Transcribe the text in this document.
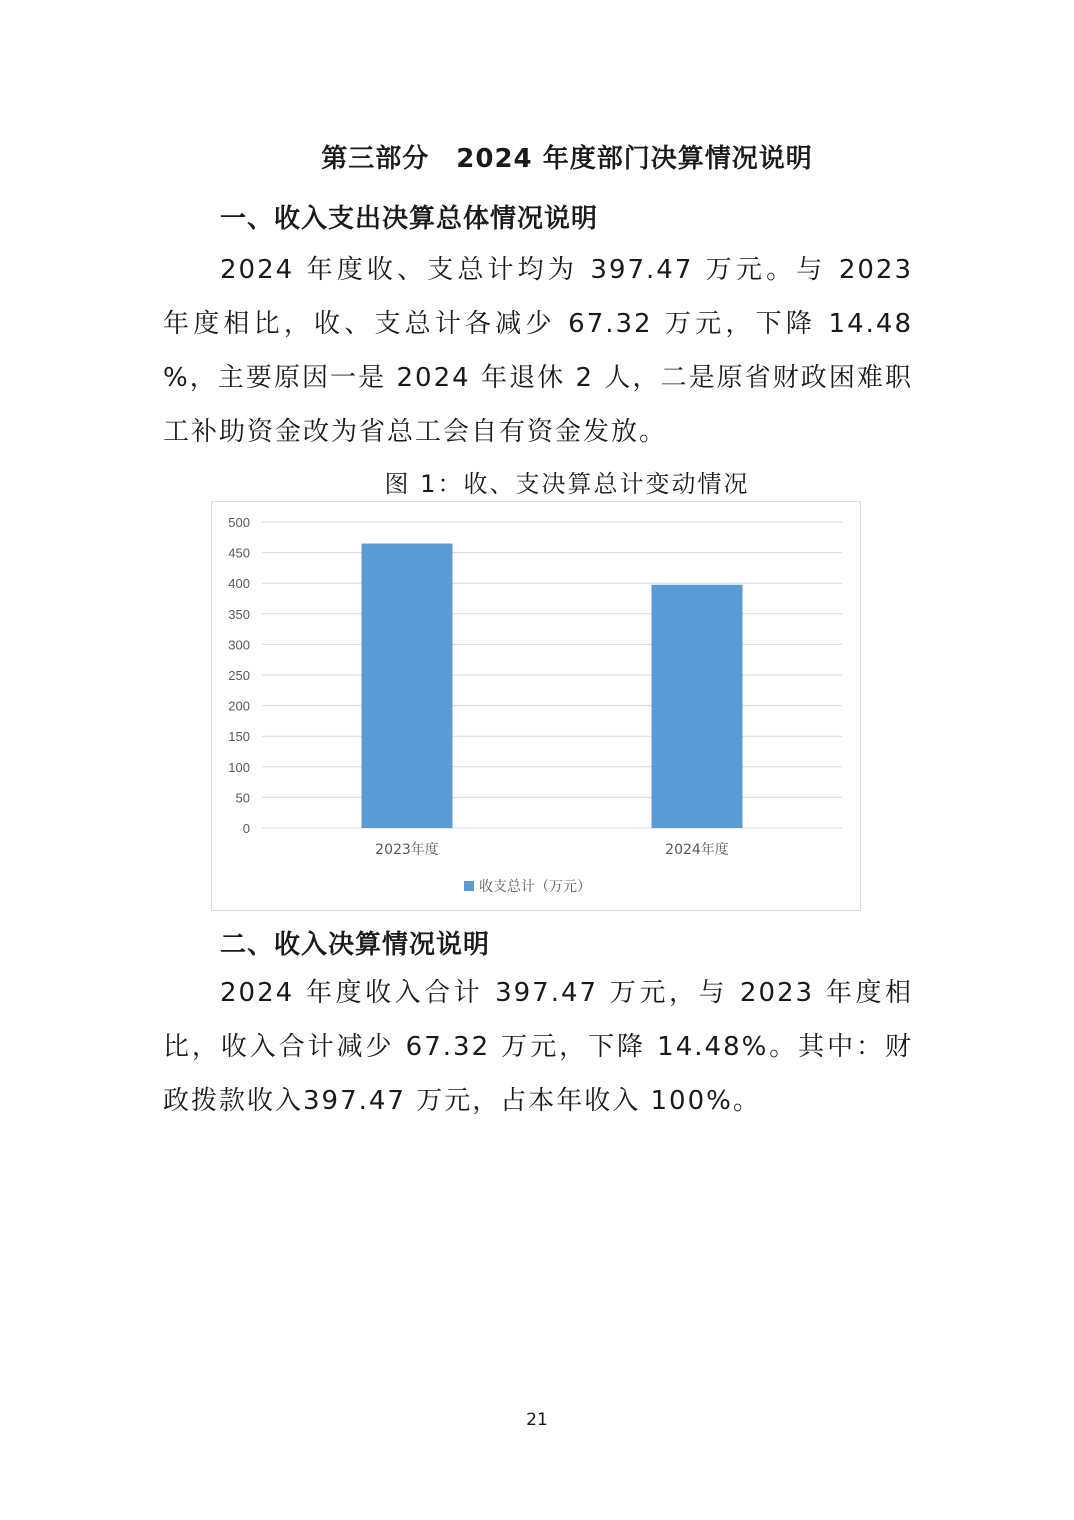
第三部分　2024 年度部门决算情况说明
一、收入支出决算总体情况说明

2024 年度收、支总计均为 397.47 万元。与 2023 年度相比，收、支总计各减少 67.32 万元，下降 14.48 %，主要原因一是 2024 年退休 2 人，二是原省财政困难职工补助资金改为省总工会自有资金发放。

图 1：收、支决算总计变动情况
0
50
100
150
200
250
300
350
400
450
500
2023年度	2024年度
收支总计（万元）
二、收入决算情况说明

2024 年度收入合计 397.47 万元，与 2023 年度相比，收入合计减少 67.32 万元，下降 14.48%。其中：财政拨款收入397.47 万元，占本年收入 100%。

21
